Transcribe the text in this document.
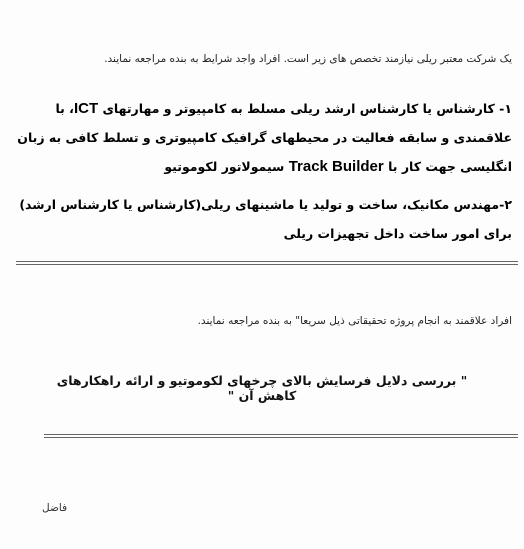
یک شرکت معتبر ریلی نیازمند تخصص های زیر است. افراد واجد شرایط به بنده مراجعه نمایند.
۱- کارشناس یا کارشناس ارشد ریلی مسلط به کامپیوتر و مهارتهای ICT، با علاقمندی و سابقه فعالیت در محیطهای گرافیک کامپیوتری و تسلط کافی به زبان انگلیسی جهت کار با Track Builder سیمولاتور لکوموتیو
۲-مهندس مکانیک، ساخت و تولید یا ماشینهای ریلی(کارشناس یا کارشناس ارشد) برای امور ساخت داخل تجهیزات ریلی
افراد علاقمند به انجام پروژه تحقیقاتی ذیل سریعا" به بنده مراجعه نمایند.
" بررسی دلایل فرسایش بالای چرخهای لکوموتیو و ارائه راهکارهای کاهش آن "
فاضل
